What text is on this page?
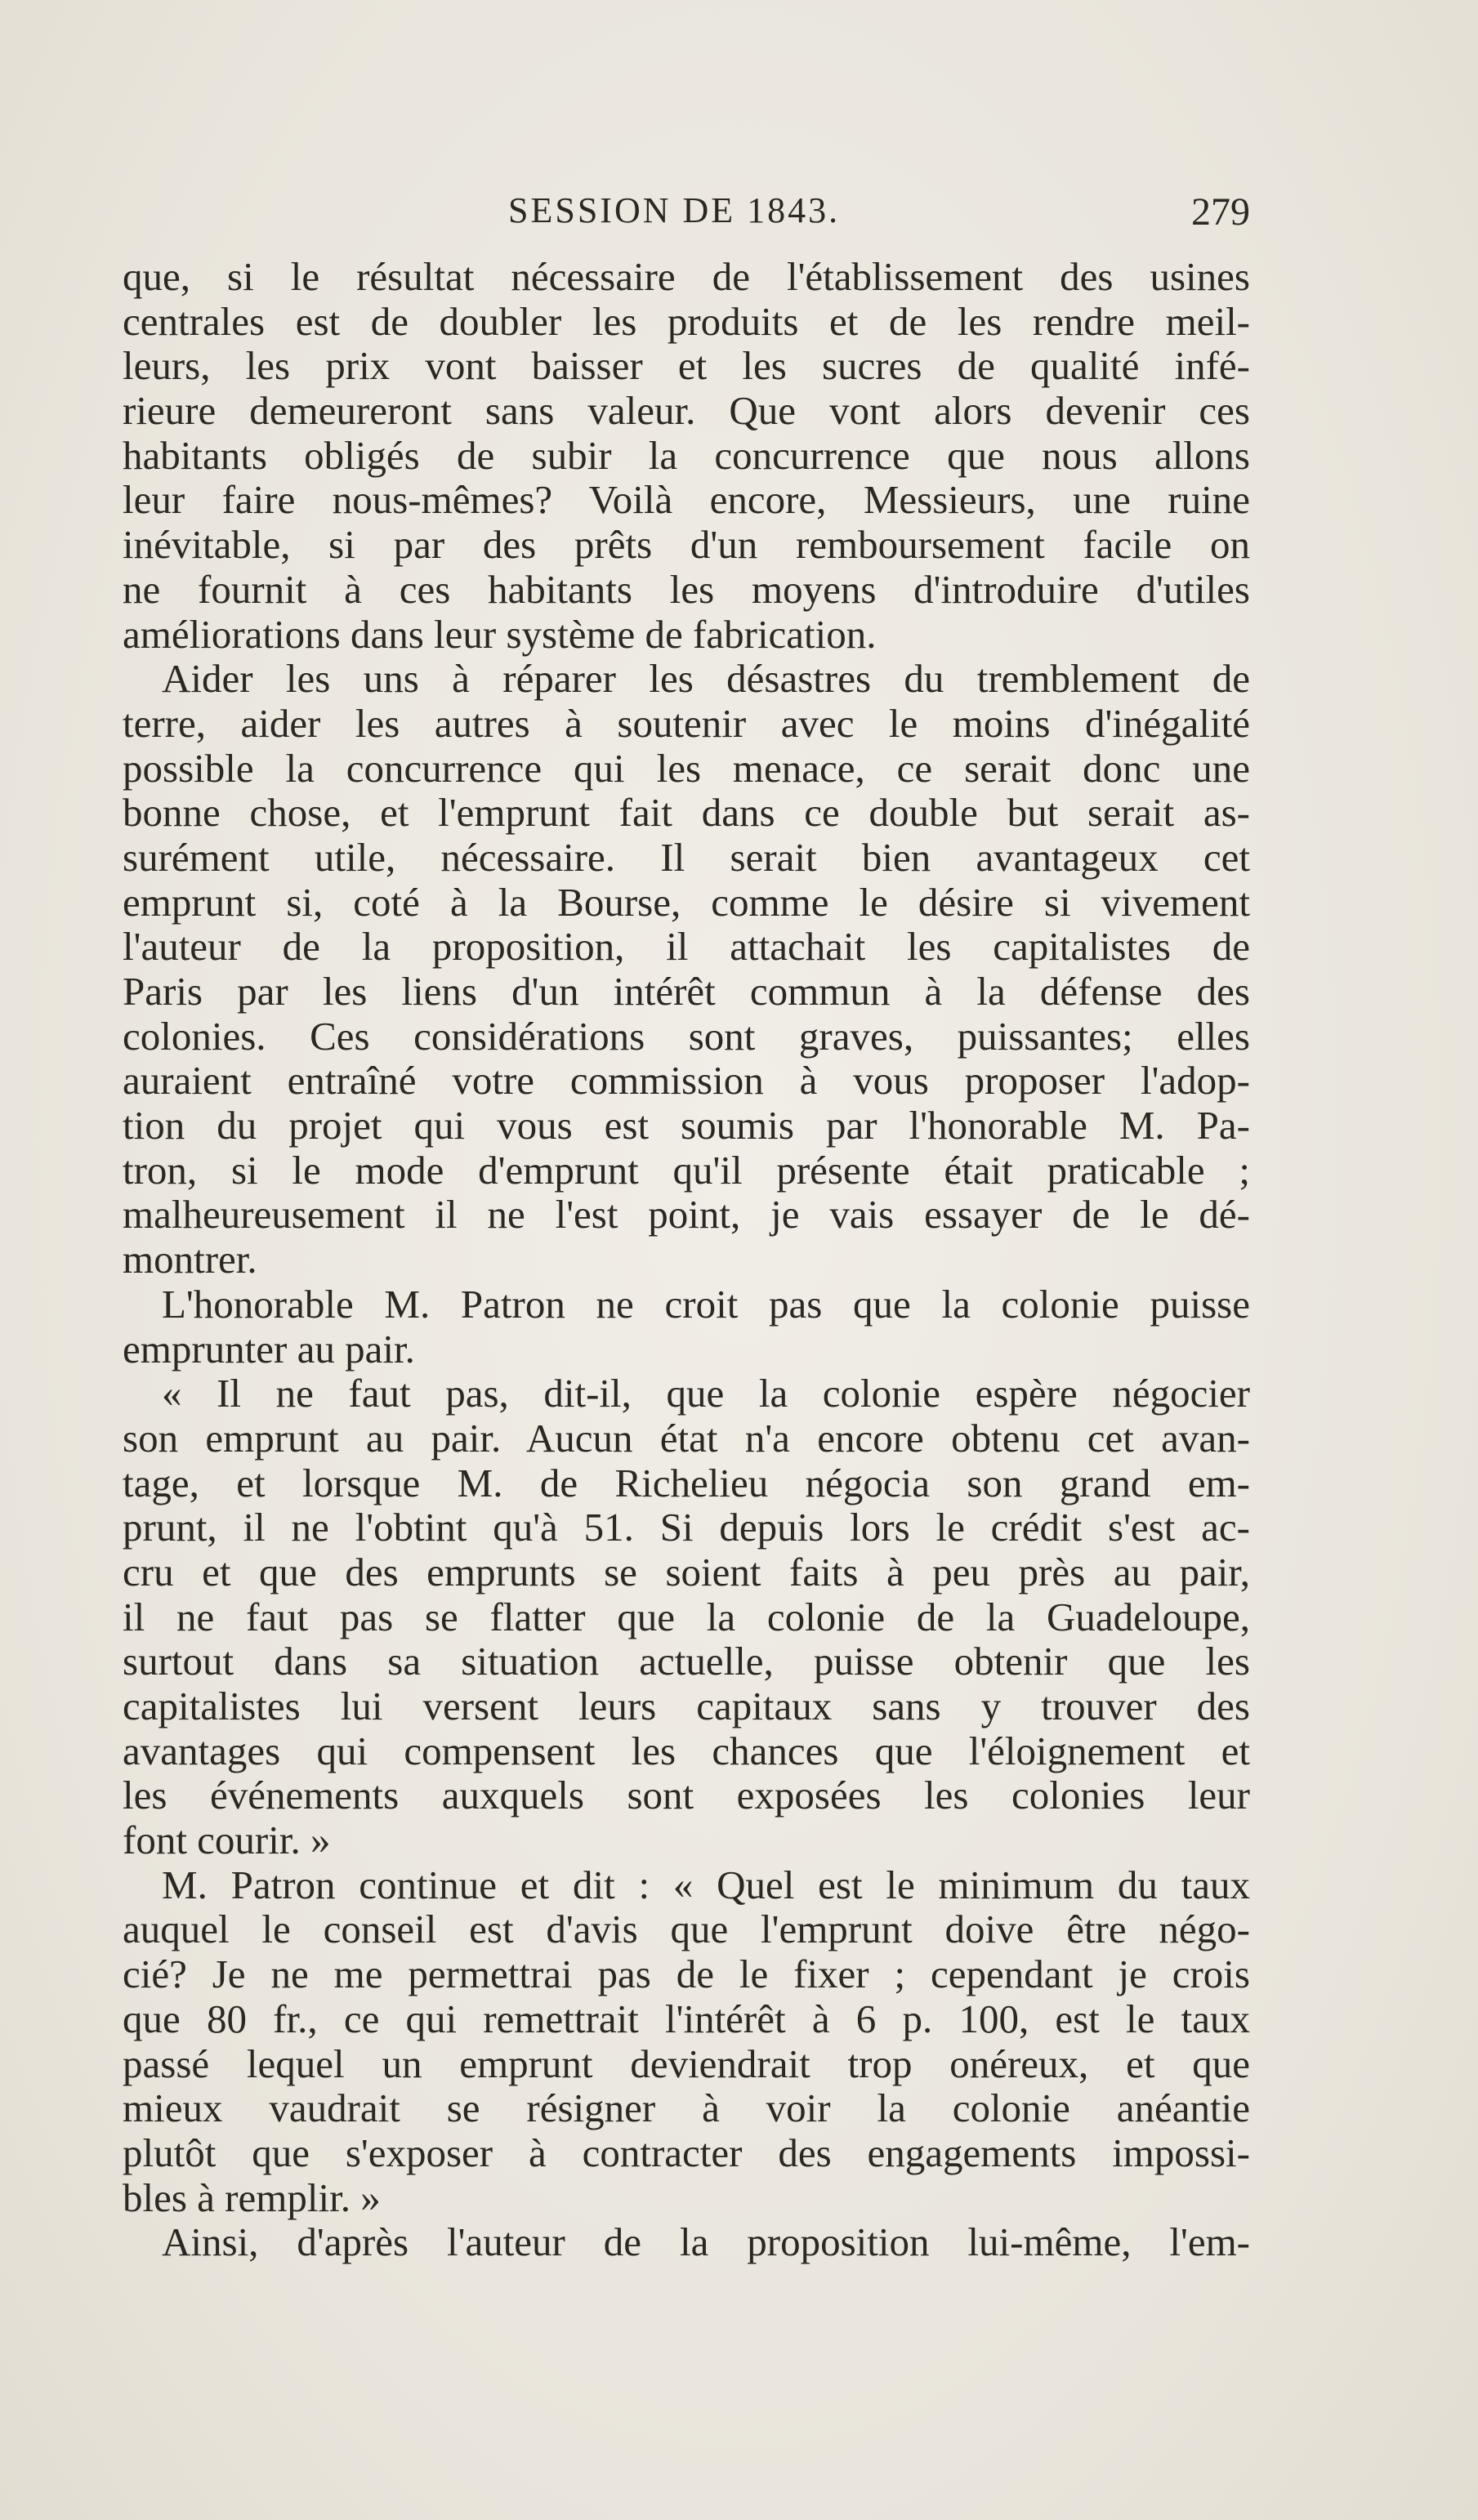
SESSION DE 1843.	279
que, si le résultat nécessaire de l'établissement des usines
centrales est de doubler les produits et de les rendre meil-
leurs, les prix vont baisser et les sucres de qualité infé-
rieure demeureront sans valeur. Que vont alors devenir ces
habitants obligés de subir la concurrence que nous allons
leur faire nous-mêmes? Voilà encore, Messieurs, une ruine
inévitable, si par des prêts d'un remboursement facile on
ne fournit à ces habitants les moyens d'introduire d'utiles
améliorations dans leur système de fabrication.
Aider les uns à réparer les désastres du tremblement de
terre, aider les autres à soutenir avec le moins d'inégalité
possible la concurrence qui les menace, ce serait donc une
bonne chose, et l'emprunt fait dans ce double but serait as-
surément utile, nécessaire. Il serait bien avantageux cet
emprunt si, coté à la Bourse, comme le désire si vivement
l'auteur de la proposition, il attachait les capitalistes de
Paris par les liens d'un intérêt commun à la défense des
colonies. Ces considérations sont graves, puissantes; elles
auraient entraîné votre commission à vous proposer l'adop-
tion du projet qui vous est soumis par l'honorable M. Pa-
tron, si le mode d'emprunt qu'il présente était praticable ;
malheureusement il ne l'est point, je vais essayer de le dé-
montrer.
L'honorable M. Patron ne croit pas que la colonie puisse
emprunter au pair.
« Il ne faut pas, dit-il, que la colonie espère négocier
son emprunt au pair. Aucun état n'a encore obtenu cet avan-
tage, et lorsque M. de Richelieu négocia son grand em-
prunt, il ne l'obtint qu'à 51. Si depuis lors le crédit s'est ac-
cru et que des emprunts se soient faits à peu près au pair,
il ne faut pas se flatter que la colonie de la Guadeloupe,
surtout dans sa situation actuelle, puisse obtenir que les
capitalistes lui versent leurs capitaux sans y trouver des
avantages qui compensent les chances que l'éloignement et
les événements auxquels sont exposées les colonies leur
font courir. »
M. Patron continue et dit : « Quel est le minimum du taux
auquel le conseil est d'avis que l'emprunt doive être négo-
cié? Je ne me permettrai pas de le fixer ; cependant je crois
que 80 fr., ce qui remettrait l'intérêt à 6 p. 100, est le taux
passé lequel un emprunt deviendrait trop onéreux, et que
mieux vaudrait se résigner à voir la colonie anéantie
plutôt que s'exposer à contracter des engagements impossi-
bles à remplir. »
Ainsi, d'après l'auteur de la proposition lui-même, l'em-
